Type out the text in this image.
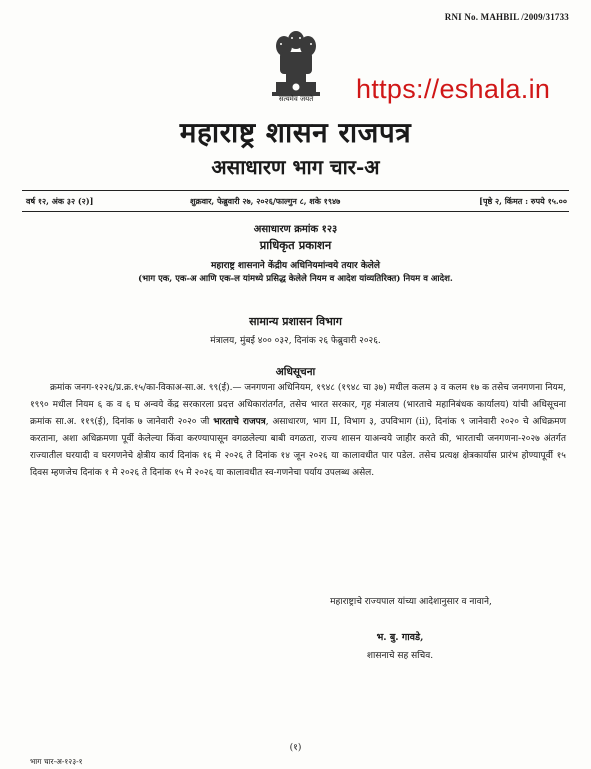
RNI No. MAHBIL /2009/31733
सत्यमेव जयते	https://eshala.in
महाराष्ट्र शासन राजपत्र
असाधारण भाग चार-अ
वर्ष १२, अंक ३२ (२)]	शुक्रवार, फेब्रुवारी २७, २०२६/फाल्गुन ८, शके १९४७	[पृष्ठे २, किंमत : रुपये १५.००
असाधारण क्रमांक १२३
प्राधिकृत प्रकाशन
महाराष्ट्र शासनाने केंद्रीय अधिनियमांन्वये तयार केलेले
(भाग एक, एक-अ आणि एक-ल यांमध्ये प्रसिद्ध केलेले नियम व आदेश यांव्यतिरिक्त) नियम व आदेश.
सामान्य प्रशासन विभाग
मंत्रालय, मुंबई ४०० ०३२, दिनांक २६ फेब्रुवारी २०२६.
अधिसूचना

क्रमांक जनग-१२२६/प्र.क्र.१५/का-विकाअ-सा.अ. ९९(ई).— जनगणना अधिनियम, १९४८ (१९४८ चा ३७) मधील कलम ३ व कलम १७ क तसेच जनगणना नियम, १९९० मधील नियम ६ क व ६ घ अन्वये केंद्र सरकारला प्रदत्त अधिकारांतर्गत, तसेच भारत सरकार, गृह मंत्रालय (भारताचे महानिबंधक कार्यालय) यांची अधिसूचना क्रमांक सा.अ. ११९(ई), दिनांक ७ जानेवारी २०२० जी भारताचे राजपत्र, असाधारण, भाग II, विभाग ३, उपविभाग (ii), दिनांक ९ जानेवारी २०२० चे अधिक्रमण करताना, अशा अधिक्रमणा पूर्वी केलेल्या किंवा करण्यापासून वगळलेल्या बाबी वगळता, राज्य शासन याअन्वये जाहीर करते की, भारताची जनगणना-२०२७ अंतर्गत राज्यातील घरयादी व घरगणनेचे क्षेत्रीय कार्य दिनांक १६ मे २०२६ ते दिनांक १४ जून २०२६ या कालावधीत पार पडेल. तसेच प्रत्यक्ष क्षेत्रकार्यास प्रारंभ होण्यापूर्वी १५ दिवस म्हणजेच दिनांक १ मे २०२६ ते दिनांक १५ मे २०२६ या कालावधीत स्व-गणनेचा पर्याय उपलब्ध असेल.

महाराष्ट्राचे राज्यपाल यांच्या आदेशानुसार व नावाने,
भ. बु. गावडे,
शासनाचे सह सचिव.
(१)
भाग चार-अ-१२३-१
